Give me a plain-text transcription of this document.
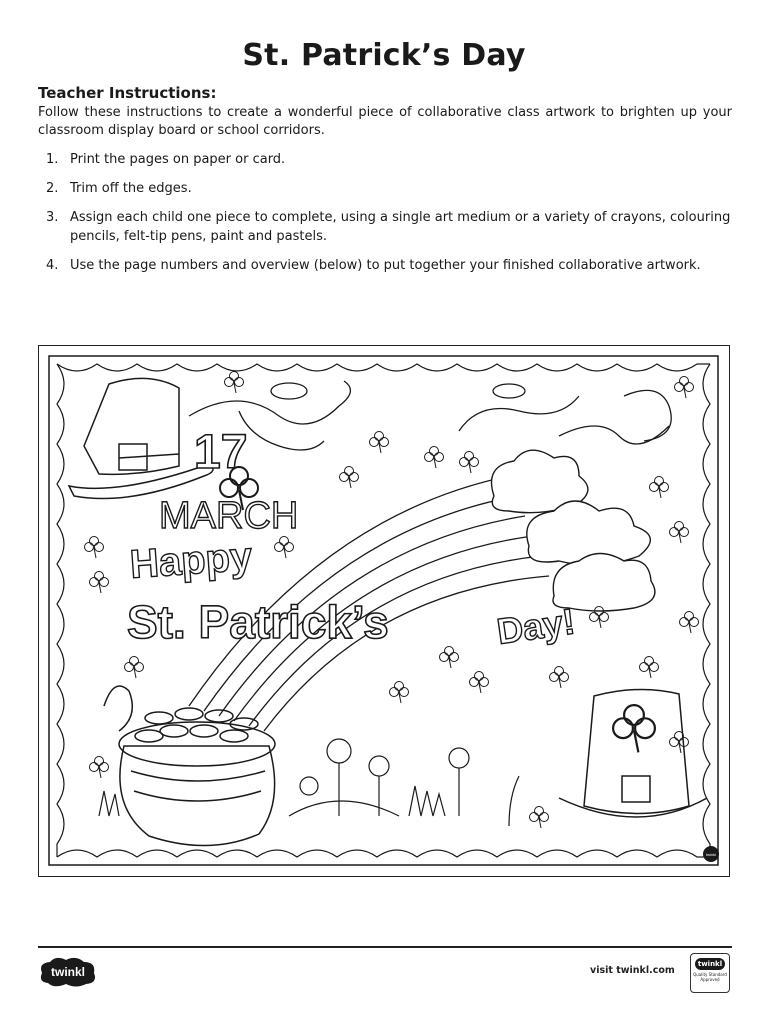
St. Patrick’s Day
Teacher Instructions:

Follow these instructions to create a wonderful piece of collaborative class artwork to brighten up your classroom display board or school corridors.

1. Print the pages on paper or card.
2. Trim off the edges.
3. Assign each child one piece to complete, using a single art medium or a variety of crayons, colouring pencils, felt-tip pens, paint and pastels.
4. Use the page numbers and overview (below) to put together your finished collaborative artwork.
17
MARCH
Happy
St. Patrick’s	Day!
twinkl
twinkl	visit twinkl.com
twinkl
Quality Standard Approved
